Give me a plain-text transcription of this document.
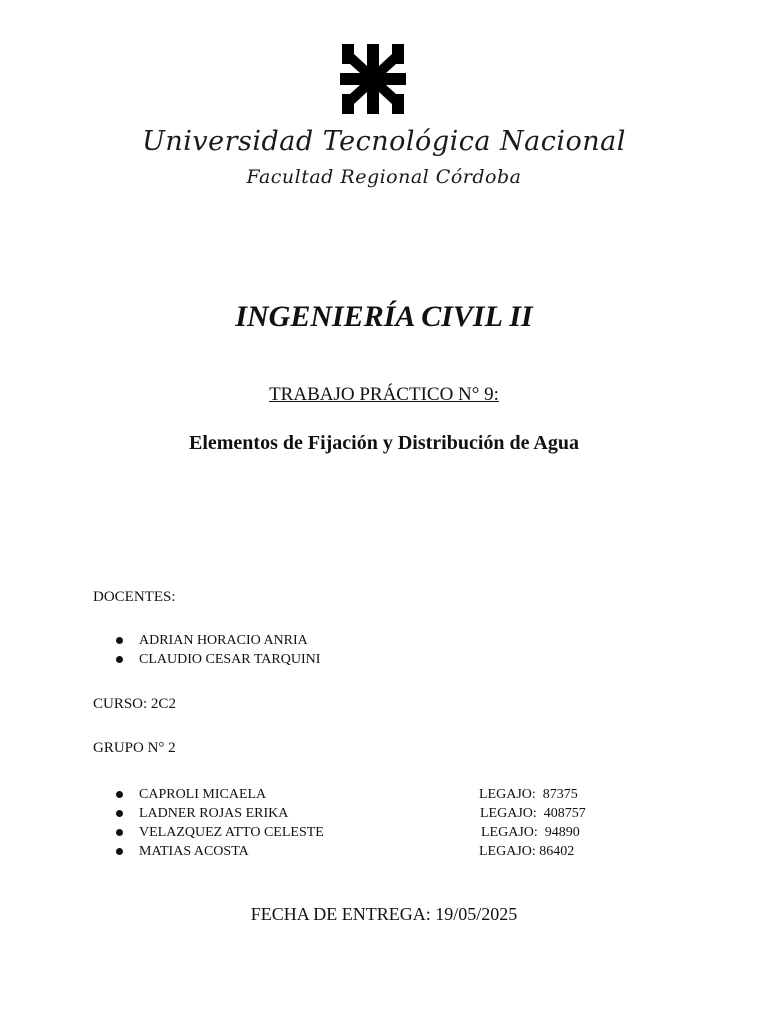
Universidad Tecnológica Nacional
Facultad Regional Córdoba
INGENIERÍA CIVIL II
TRABAJO PRÁCTICO N° 9:
Elementos de Fijación y Distribución de Agua
DOCENTES:
ADRIAN HORACIO ANRIA
CLAUDIO CESAR TARQUINI
CURSO: 2C2
GRUPO N° 2
CAPROLI MICAELA	LEGAJO:  87375
LADNER ROJAS ERIKA	LEGAJO:  408757
VELAZQUEZ ATTO CELESTE	LEGAJO:  94890
MATIAS ACOSTA	LEGAJO: 86402
FECHA DE ENTREGA: 19/05/2025
